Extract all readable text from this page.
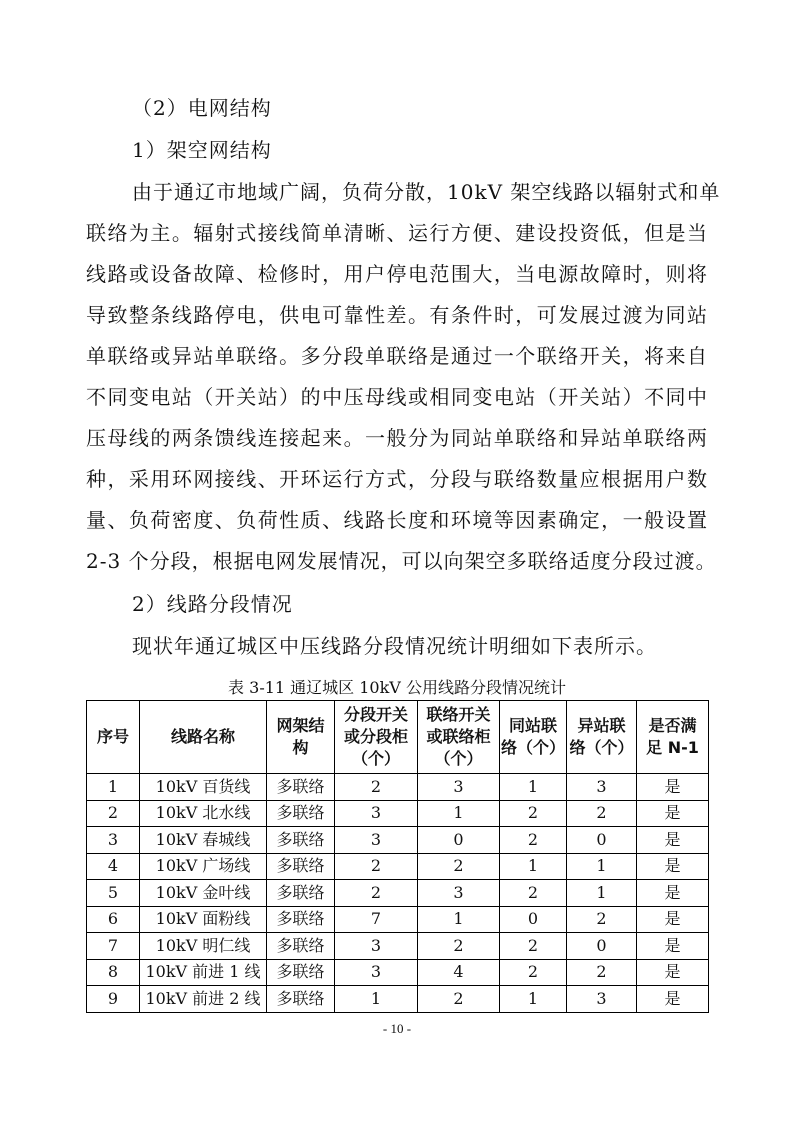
（2）电网结构
1）架空网结构
由于通辽市地域广阔，负荷分散，10kV 架空线路以辐射式和单
联络为主。辐射式接线简单清晰、运行方便、建设投资低，但是当
线路或设备故障、检修时，用户停电范围大，当电源故障时，则将
导致整条线路停电，供电可靠性差。有条件时，可发展过渡为同站
单联络或异站单联络。多分段单联络是通过一个联络开关，将来自
不同变电站（开关站）的中压母线或相同变电站（开关站）不同中
压母线的两条馈线连接起来。一般分为同站单联络和异站单联络两
种，采用环网接线、开环运行方式，分段与联络数量应根据用户数
量、负荷密度、负荷性质、线路长度和环境等因素确定，一般设置
2-3 个分段，根据电网发展情况，可以向架空多联络适度分段过渡。
2）线路分段情况
现状年通辽城区中压线路分段情况统计明细如下表所示。
表 3-11 通辽城区 10kV 公用线路分段情况统计
序号	线路名称	网架结
构	分段开关
或分段柜
（个）	联络开关
或联络柜
（个）	同站联
络（个）	异站联
络（个）	是否满
足 N-1
1	10kV 百货线	多联络	2	3	1	3	是
2	10kV 北水线	多联络	3	1	2	2	是
3	10kV 春城线	多联络	3	0	2	0	是
4	10kV 广场线	多联络	2	2	1	1	是
5	10kV 金叶线	多联络	2	3	2	1	是
6	10kV 面粉线	多联络	7	1	0	2	是
7	10kV 明仁线	多联络	3	2	2	0	是
8	10kV 前进 1 线	多联络	3	4	2	2	是
9	10kV 前进 2 线	多联络	1	2	1	3	是
- 10 -
